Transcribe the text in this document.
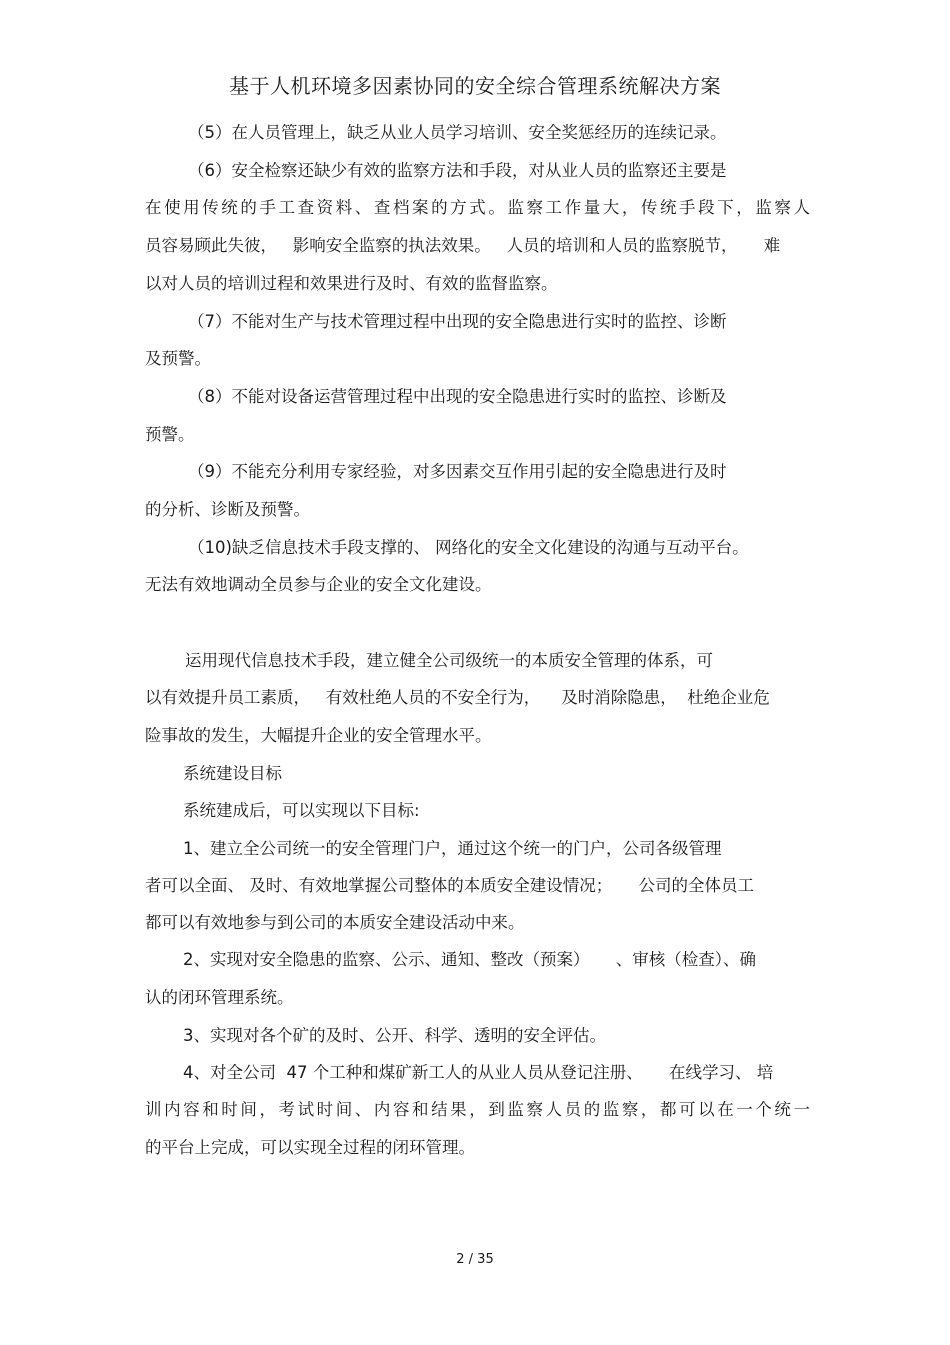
基于人机环境多因素协同的安全综合管理系统解决方案
（5）在人员管理上，缺乏从业人员学习培训、安全奖惩经历的连续记录。
（6）安全检察还缺少有效的监察方法和手段，对从业人员的监察还主要是
在使用传统的手工查资料、查档案的方式。监察工作量大，传统手段下，监察人
员容易顾此失彼，   影响安全监察的执法效果。   人员的培训和人员的监察脱节，     难
以对人员的培训过程和效果进行及时、有效的监督监察。
（7）不能对生产与技术管理过程中出现的安全隐患进行实时的监控、诊断
及预警。
（8）不能对设备运营管理过程中出现的安全隐患进行实时的监控、诊断及
预警。
（9）不能充分利用专家经验，对多因素交互作用引起的安全隐患进行及时
的分析、诊断及预警。
（10)缺乏信息技术手段支撑的、 网络化的安全文化建设的沟通与互动平台。
无法有效地调动全员参与企业的安全文化建设。
运用现代信息技术手段，建立健全公司级统一的本质安全管理的体系，可
以有效提升员工素质，   有效杜绝人员的不安全行为，    及时消除隐患，  杜绝企业危
险事故的发生，大幅提升企业的安全管理水平。
系统建设目标
系统建成后，可以实现以下目标:
1、建立全公司统一的安全管理门户，通过这个统一的门户，公司各级管理
者可以全面、 及时、有效地掌握公司整体的本质安全建设情况；     公司的全体员工
都可以有效地参与到公司的本质安全建设活动中来。
2、实现对安全隐患的监察、公示、通知、整改（预案）     、审核（检查）、确
认的闭环管理系统。
3、实现对各个矿的及时、公开、科学、透明的安全评估。
4、对全公司  47 个工种和煤矿新工人的从业人员从登记注册、     在线学习、 培
训内容和时间，考试时间、内容和结果，到监察人员的监察，都可以在一个统一
的平台上完成，可以实现全过程的闭环管理。
2 / 35
